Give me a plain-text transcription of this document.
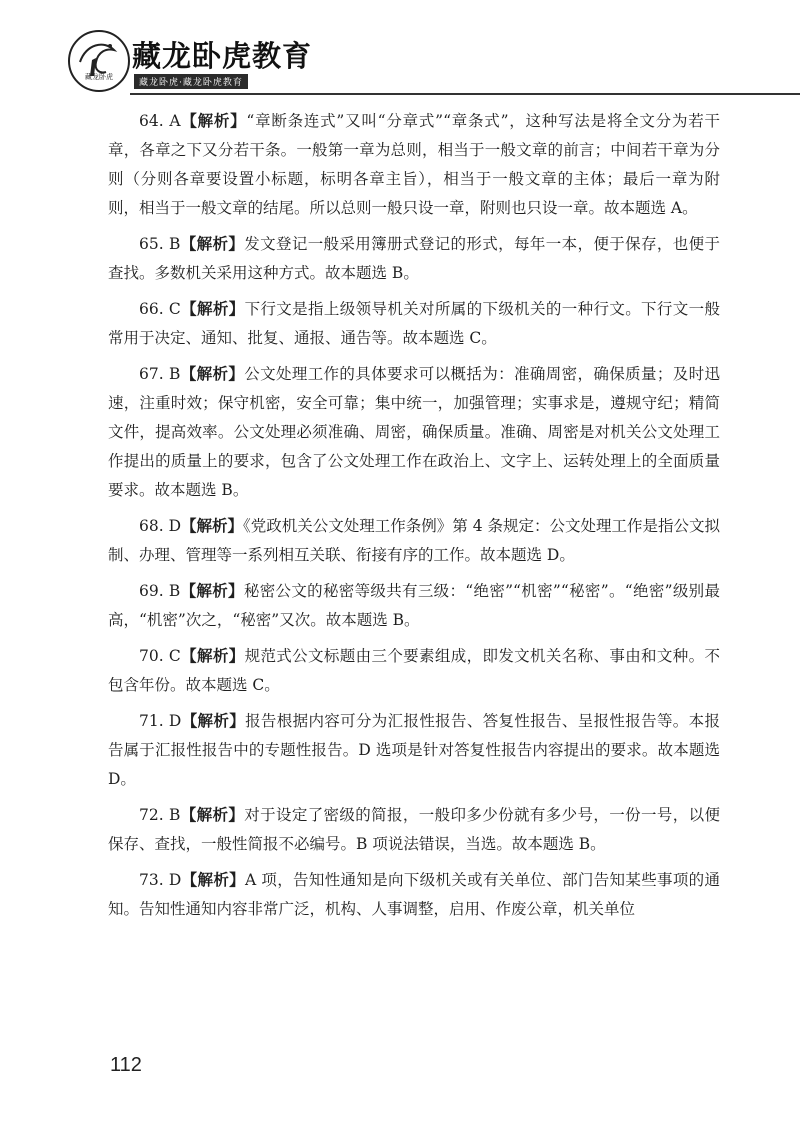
藏龙卧虎
藏龙卧虎教育
藏龙卧虎·藏龙卧虎教育

64. A【解析】“章断条连式”又叫“分章式”“章条式”，这种写法是将全文分为若干章，各章之下又分若干条。一般第一章为总则，相当于一般文章的前言；中间若干章为分则（分则各章要设置小标题，标明各章主旨），相当于一般文章的主体；最后一章为附则，相当于一般文章的结尾。所以总则一般只设一章，附则也只设一章。故本题选 A。

65. B【解析】发文登记一般采用簿册式登记的形式，每年一本，便于保存，也便于查找。多数机关采用这种方式。故本题选 B。

66. C【解析】下行文是指上级领导机关对所属的下级机关的一种行文。下行文一般常用于决定、通知、批复、通报、通告等。故本题选 C。

67. B【解析】公文处理工作的具体要求可以概括为：准确周密，确保质量；及时迅速，注重时效；保守机密，安全可靠；集中统一，加强管理；实事求是，遵规守纪；精简文件，提高效率。公文处理必须准确、周密，确保质量。准确、周密是对机关公文处理工作提出的质量上的要求，包含了公文处理工作在政治上、文字上、运转处理上的全面质量要求。故本题选 B。

68. D【解析】《党政机关公文处理工作条例》第 4 条规定：公文处理工作是指公文拟制、办理、管理等一系列相互关联、衔接有序的工作。故本题选 D。

69. B【解析】秘密公文的秘密等级共有三级：“绝密”“机密”“秘密”。“绝密”级别最高，“机密”次之，“秘密”又次。故本题选 B。

70. C【解析】规范式公文标题由三个要素组成，即发文机关名称、事由和文种。不包含年份。故本题选 C。

71. D【解析】报告根据内容可分为汇报性报告、答复性报告、呈报性报告等。本报告属于汇报性报告中的专题性报告。D 选项是针对答复性报告内容提出的要求。故本题选 D。

72. B【解析】对于设定了密级的简报，一般印多少份就有多少号，一份一号，以便保存、查找，一般性简报不必编号。B 项说法错误，当选。故本题选 B。

73. D【解析】A 项，告知性通知是向下级机关或有关单位、部门告知某些事项的通知。告知性通知内容非常广泛，机构、人事调整，启用、作废公章，机关单位

112
